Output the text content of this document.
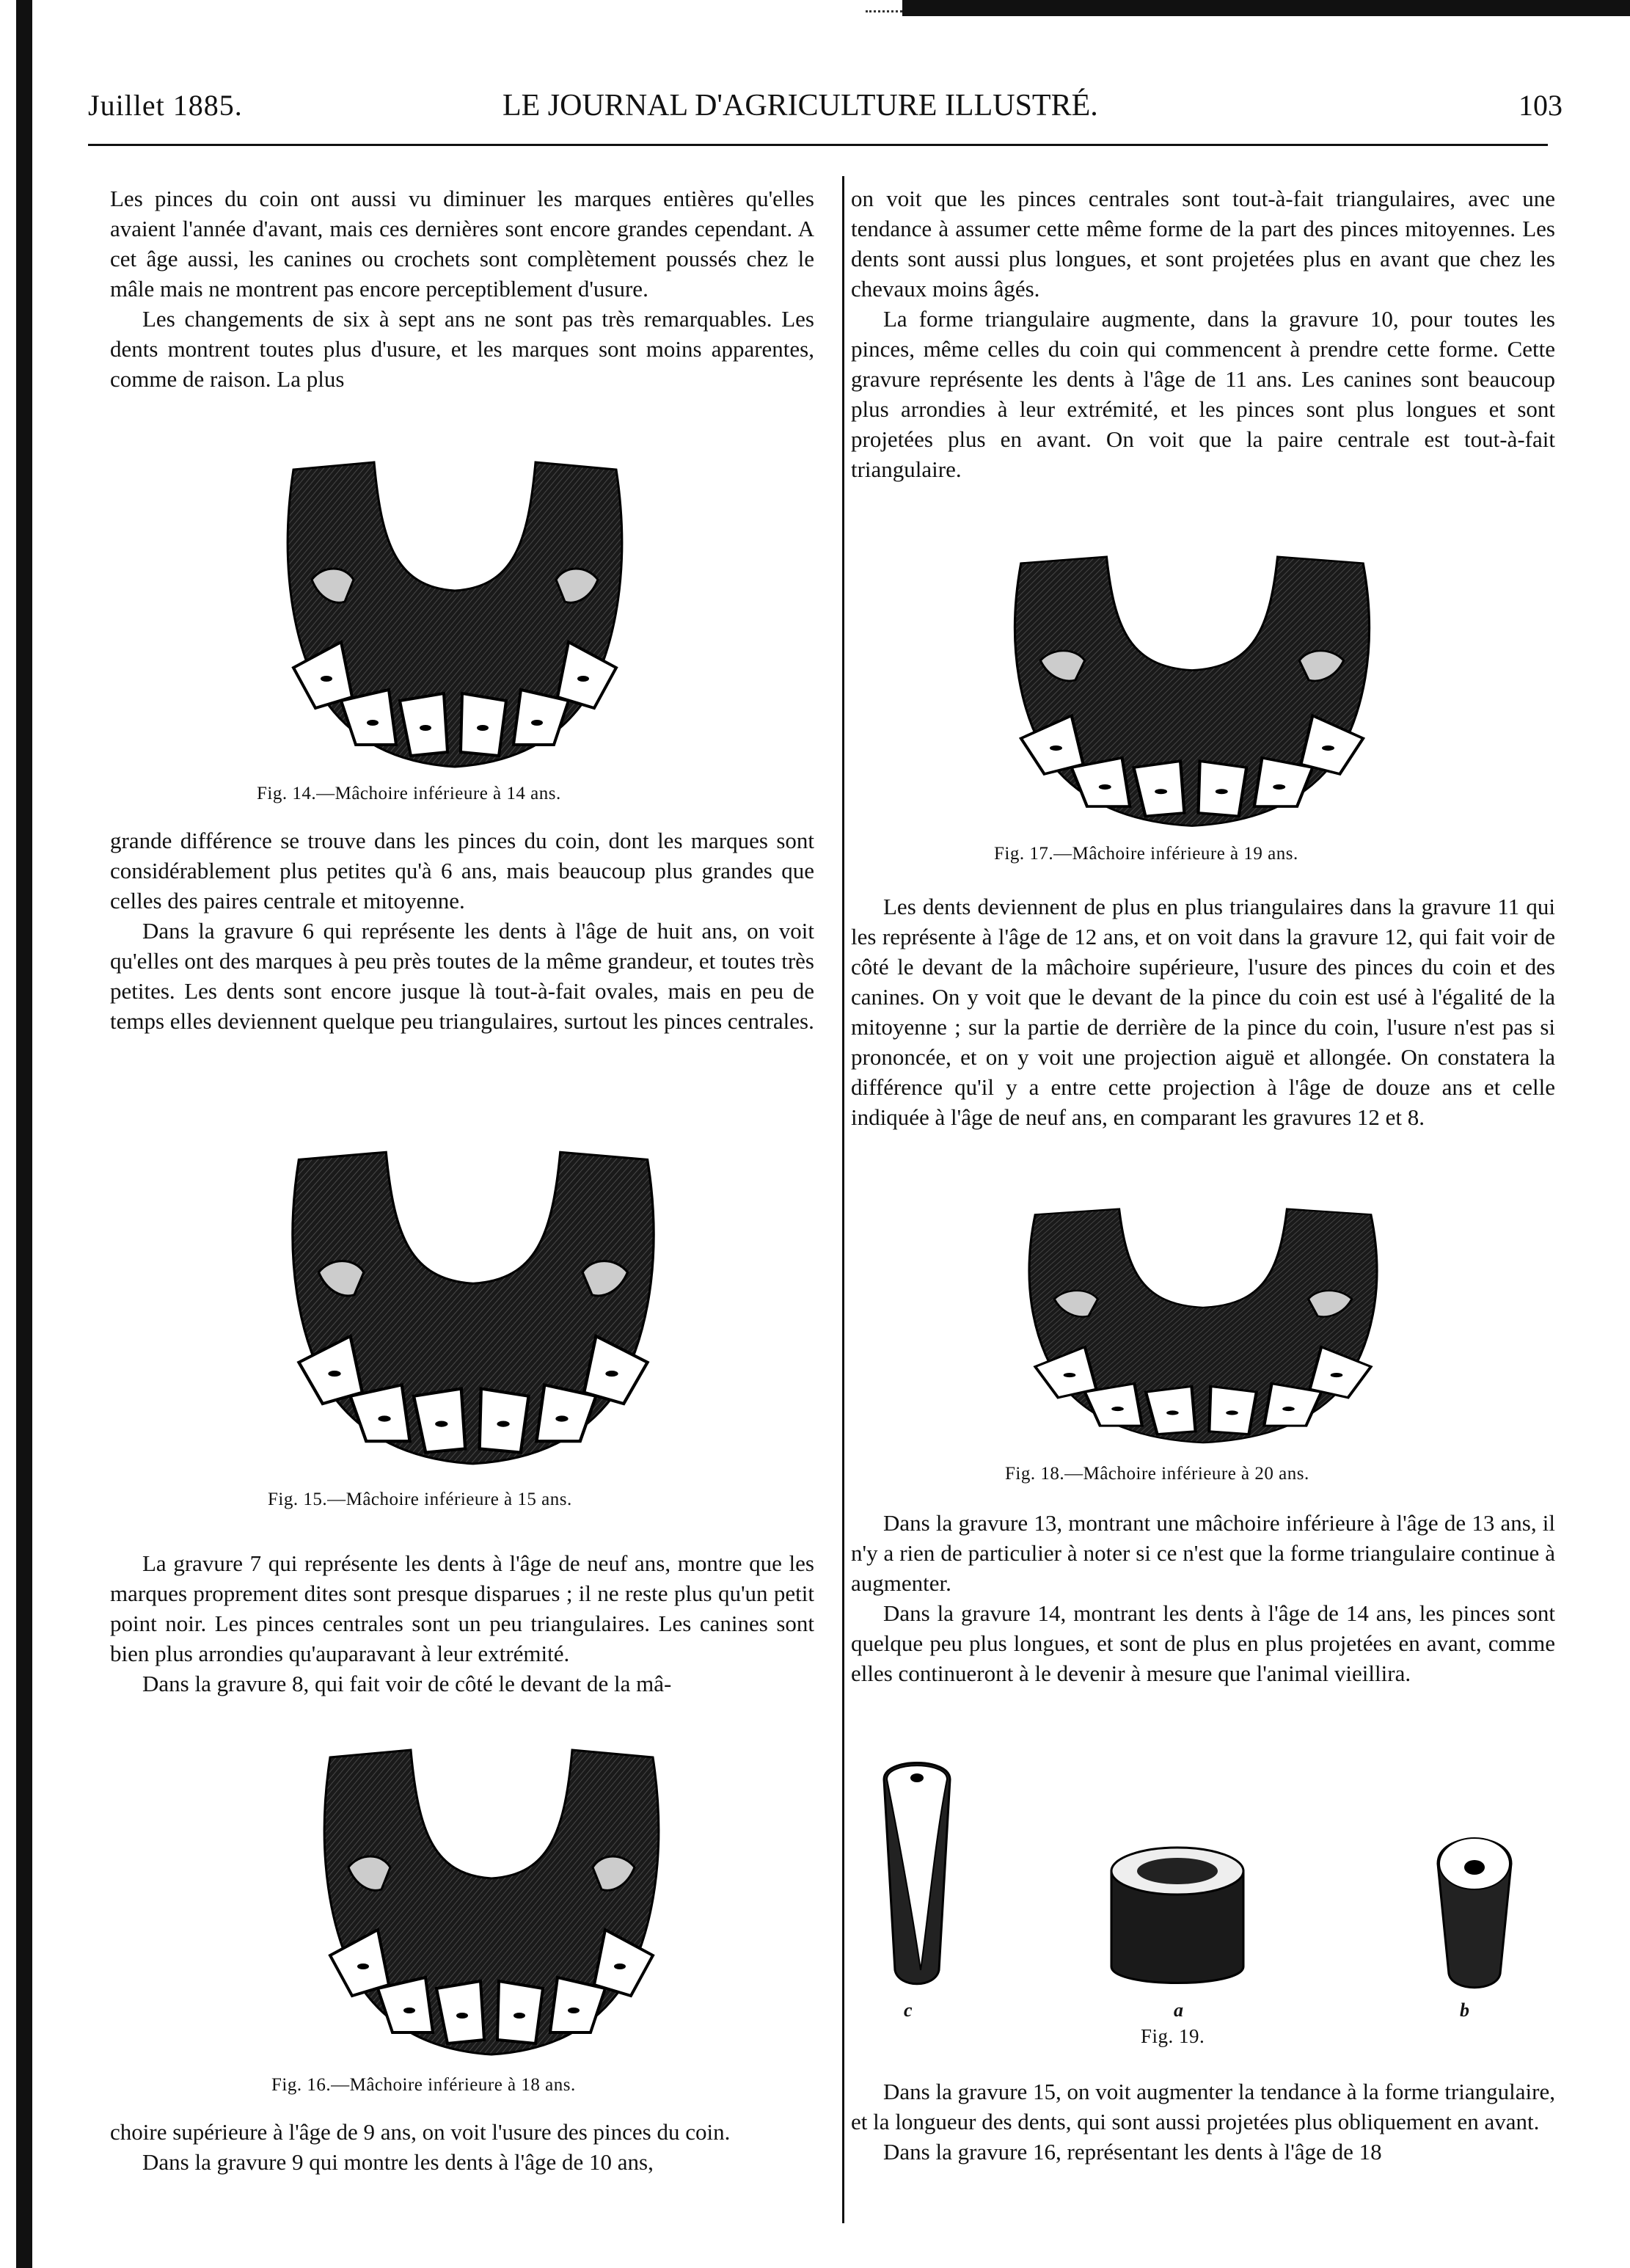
Juillet 1885.	LE JOURNAL D'AGRICULTURE ILLUSTRÉ.	103

Les pinces du coin ont aussi vu diminuer les marques entières qu'elles avaient l'année d'avant, mais ces dernières sont encore grandes cependant. A cet âge aussi, les canines ou crochets sont complètement poussés chez le mâle mais ne montrent pas encore perceptiblement d'usure.

Les changements de six à sept ans ne sont pas très remarquables. Les dents montrent toutes plus d'usure, et les marques sont moins apparentes, comme de raison. La plus

Fig. 14.—Mâchoire inférieure à 14 ans.

grande différence se trouve dans les pinces du coin, dont les marques sont considérablement plus petites qu'à 6 ans, mais beaucoup plus grandes que celles des paires centrale et mitoyenne.

Dans la gravure 6 qui représente les dents à l'âge de huit ans, on voit qu'elles ont des marques à peu près toutes de la même grandeur, et toutes très petites. Les dents sont encore jusque là tout-à-fait ovales, mais en peu de temps elles deviennent quelque peu triangulaires, surtout les pinces centrales.

Fig. 15.—Mâchoire inférieure à 15 ans.

La gravure 7 qui représente les dents à l'âge de neuf ans, montre que les marques proprement dites sont presque disparues ; il ne reste plus qu'un petit point noir. Les pinces centrales sont un peu triangulaires. Les canines sont bien plus arrondies qu'auparavant à leur extrémité.

Dans la gravure 8, qui fait voir de côté le devant de la mâ-

Fig. 16.—Mâchoire inférieure à 18 ans.

choire supérieure à l'âge de 9 ans, on voit l'usure des pinces du coin.

Dans la gravure 9 qui montre les dents à l'âge de 10 ans,

on voit que les pinces centrales sont tout-à-fait triangulaires, avec une tendance à assumer cette même forme de la part des pinces mitoyennes. Les dents sont aussi plus longues, et sont projetées plus en avant que chez les chevaux moins âgés.

La forme triangulaire augmente, dans la gravure 10, pour toutes les pinces, même celles du coin qui commencent à prendre cette forme. Cette gravure représente les dents à l'âge de 11 ans. Les canines sont beaucoup plus arrondies à leur extrémité, et les pinces sont plus longues et sont projetées plus en avant. On voit que la paire centrale est tout-à-fait triangulaire.

Fig. 17.—Mâchoire inférieure à 19 ans.

Les dents deviennent de plus en plus triangulaires dans la gravure 11 qui les représente à l'âge de 12 ans, et on voit dans la gravure 12, qui fait voir de côté le devant de la mâchoire supérieure, l'usure des pinces du coin et des canines. On y voit que le devant de la pince du coin est usé à l'égalité de la mitoyenne ; sur la partie de derrière de la pince du coin, l'usure n'est pas si prononcée, et on y voit une projection aiguë et allongée. On constatera la différence qu'il y a entre cette projection à l'âge de douze ans et celle indiquée à l'âge de neuf ans, en comparant les gravures 12 et 8.

Fig. 18.—Mâchoire inférieure à 20 ans.

Dans la gravure 13, montrant une mâchoire inférieure à l'âge de 13 ans, il n'y a rien de particulier à noter si ce n'est que la forme triangulaire continue à augmenter.

Dans la gravure 14, montrant les dents à l'âge de 14 ans, les pinces sont quelque peu plus longues, et sont de plus en plus projetées en avant, comme elles continueront à le devenir à mesure que l'animal vieillira.

c	a	b
Fig. 19.

Dans la gravure 15, on voit augmenter la tendance à la forme triangulaire, et la longueur des dents, qui sont aussi projetées plus obliquement en avant.

Dans la gravure 16, représentant les dents à l'âge de 18
